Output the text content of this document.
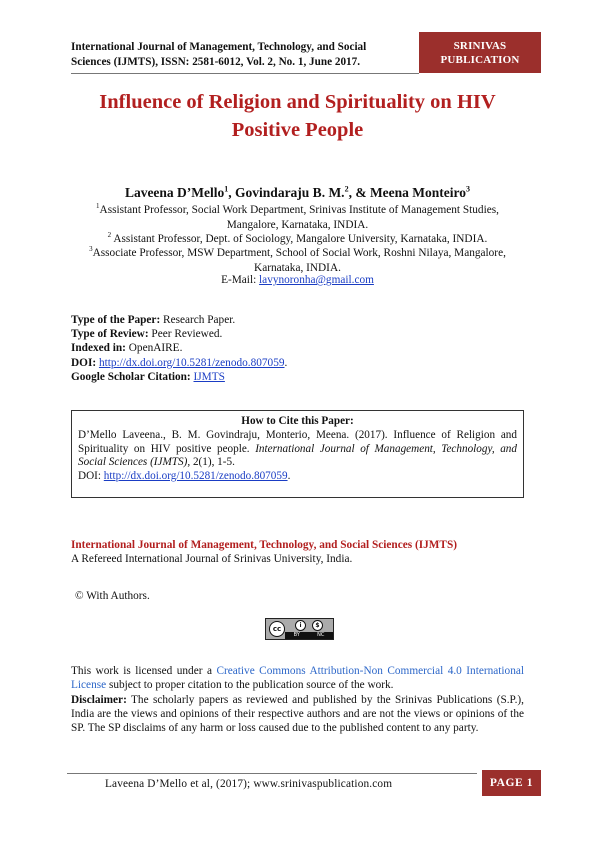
International Journal of Management, Technology, and Social
Sciences (IJMTS), ISSN: 2581-6012, Vol. 2, No. 1, June 2017.
SRINIVAS
PUBLICATION
Influence of Religion and Spirituality on HIV
Positive People
Laveena D’Mello$^1$, Govindaraju B. M.$^2$, & Meena Monteiro$^3$
$^1$Assistant Professor, Social Work Department, Srinivas Institute of Management Studies,
Mangalore, Karnataka, INDIA.
$^2$ Assistant Professor, Dept. of Sociology, Mangalore University, Karnataka, INDIA.
$^3$Associate Professor, MSW Department, School of Social Work, Roshni Nilaya, Mangalore,
Karnataka, INDIA.
E-Mail: lavynoronha@gmail.com
Type of the Paper: Research Paper.
Type of Review: Peer Reviewed.
Indexed in: OpenAIRE.
DOI: http://dx.doi.org/10.5281/zenodo.807059.
Google Scholar Citation: IJMTS
How to Cite this Paper:
D’Mello Laveena., B. M. Govindraju, Monterio, Meena. (2017). Influence of Religion and Spirituality on HIV positive people. International Journal of Management, Technology, and Social Sciences (IJMTS), 2(1), 1-5.
DOI: http://dx.doi.org/10.5281/zenodo.807059.
International Journal of Management, Technology, and Social Sciences (IJMTS)
A Refereed International Journal of Srinivas University, India.
© With Authors.
cc	i	$
BY	NC
This work is licensed under a Creative Commons Attribution-Non Commercial 4.0 International License subject to proper citation to the publication source of the work.
Disclaimer: The scholarly papers as reviewed and published by the Srinivas Publications (S.P.), India are the views and opinions of their respective authors and are not the views or opinions of the SP. The SP disclaims of any harm or loss caused due to the published content to any party.
Laveena D’Mello et al, (2017); www.srinivaspublication.com	PAGE 1
